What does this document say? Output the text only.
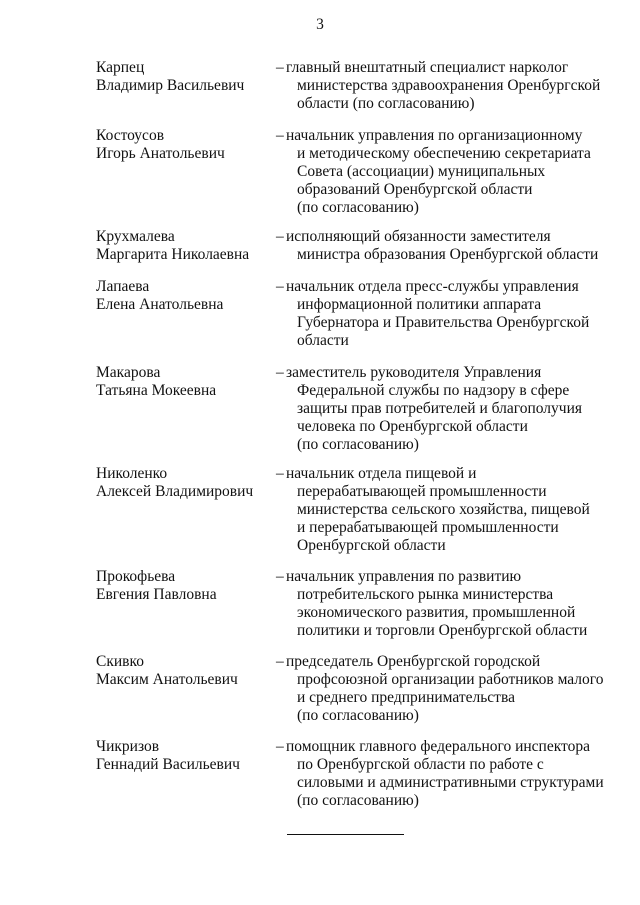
3
Карпец
Владимир Васильевич
– главный внештатный специалист нарколог
министерства здравоохранения Оренбургской
области (по согласованию)
Костоусов
Игорь Анатольевич
– начальник управления по организационному
и методическому обеспечению секретариата
Совета (ассоциации) муниципальных
образований Оренбургской области
(по согласованию)
Крухмалева
Маргарита Николаевна
– исполняющий обязанности заместителя
министра образования Оренбургской области
Лапаева
Елена Анатольевна
– начальник отдела пресс-службы управления
информационной политики аппарата
Губернатора и Правительства Оренбургской
области
Макарова
Татьяна Мокеевна
– заместитель руководителя Управления
Федеральной службы по надзору в сфере
защиты прав потребителей и благополучия
человека по Оренбургской области
(по согласованию)
Николенко
Алексей Владимирович
– начальник отдела пищевой и
перерабатывающей промышленности
министерства сельского хозяйства, пищевой
и перерабатывающей промышленности
Оренбургской области
Прокофьева
Евгения Павловна
– начальник управления по развитию
потребительского рынка министерства
экономического развития, промышленной
политики и торговли Оренбургской области
Скивко
Максим Анатольевич
– председатель Оренбургской городской
профсоюзной организации работников малого
и среднего предпринимательства
(по согласованию)
Чикризов
Геннадий Васильевич
– помощник главного федерального инспектора
по Оренбургской области по работе с
силовыми и административными структурами
(по согласованию)
